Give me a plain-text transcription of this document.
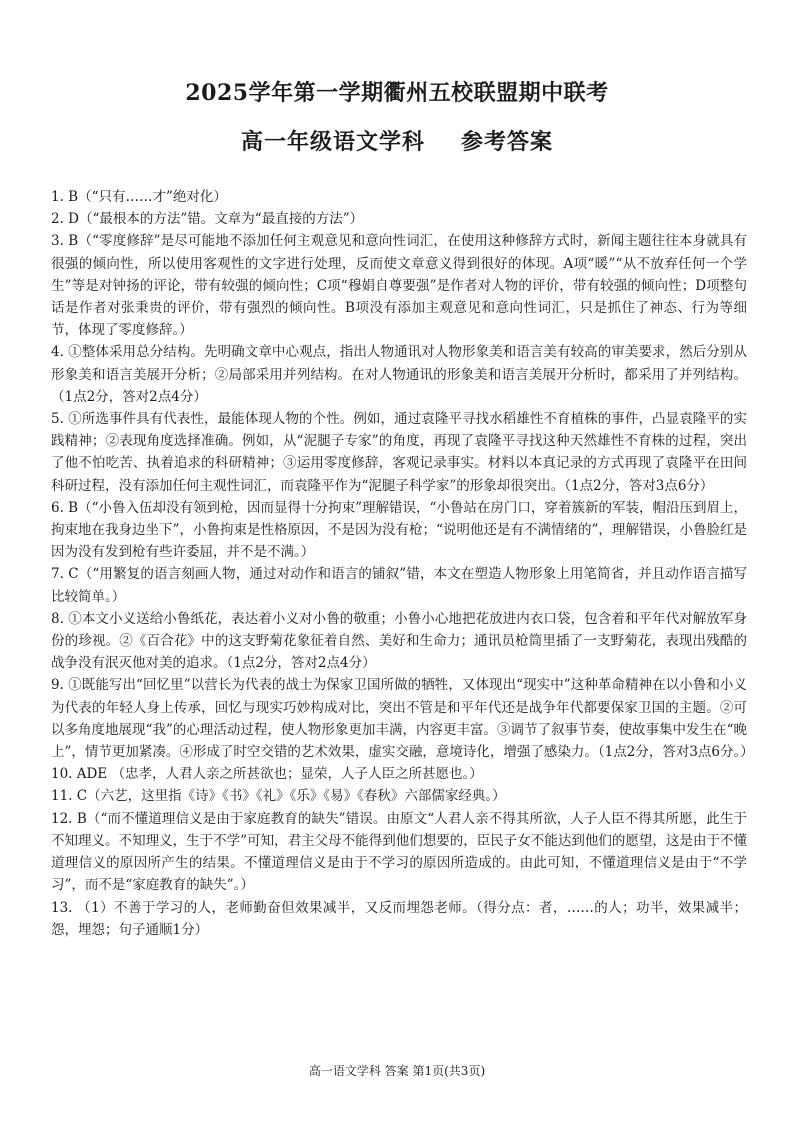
2025学年第一学期衢州五校联盟期中联考
高一年级语文学科 参考答案

1. B（“只有……才”绝对化）

2. D（“最根本的方法”错。文章为“最直接的方法”）

3. B（“零度修辞”是尽可能地不添加任何主观意见和意向性词汇，在使用这种修辞方式时，新闻主题往往本身就具有很强的倾向性，所以使用客观性的文字进行处理，反而使文章意义得到很好的体现。A项“暖”“从不放弃任何一个学生”等是对钟扬的评论，带有较强的倾向性；C项“穆娟自尊要强”是作者对人物的评价，带有较强的倾向性；D项整句话是作者对张秉贵的评价，带有强烈的倾向性。B项没有添加主观意见和意向性词汇，只是抓住了神态、行为等细节，体现了零度修辞。）

4. ①整体采用总分结构。先明确文章中心观点，指出人物通讯对人物形象美和语言美有较高的审美要求，然后分别从形象美和语言美展开分析；②局部采用并列结构。在对人物通讯的形象美和语言美展开分析时，都采用了并列结构。（1点2分，答对2点4分）

5. ①所选事件具有代表性，最能体现人物的个性。例如，通过袁隆平寻找水稻雄性不育植株的事件，凸显袁隆平的实践精神；②表现角度选择准确。例如，从“泥腿子专家”的角度，再现了袁隆平寻找这种天然雄性不育株的过程，突出了他不怕吃苦、执着追求的科研精神；③运用零度修辞，客观记录事实。材料以本真记录的方式再现了袁隆平在田间科研过程，没有添加任何主观性词汇，而袁隆平作为“泥腿子科学家”的形象却很突出。（1点2分，答对3点6分）

6. B（“小鲁入伍却没有领到枪，因而显得十分拘束”理解错误，“小鲁站在房门口，穿着簇新的军装，帽沿压到眉上，拘束地在我身边坐下”，小鲁拘束是性格原因，不是因为没有枪；“说明他还是有不满情绪的”，理解错误，小鲁脸红是因为没有发到枪有些许委屈，并不是不满。）

7. C（“用繁复的语言刻画人物，通过对动作和语言的铺叙”错，本文在塑造人物形象上用笔简省，并且动作语言描写比较简单。）

8. ①本文小义送给小鲁纸花，表达着小义对小鲁的敬重；小鲁小心地把花放进内衣口袋，包含着和平年代对解放军身份的珍视。②《百合花》中的这支野菊花象征着自然、美好和生命力；通讯员枪筒里插了一支野菊花，表现出残酷的战争没有泯灭他对美的追求。（1点2分，答对2点4分）

9. ①既能写出“回忆里”以营长为代表的战士为保家卫国所做的牺牲，又体现出“现实中”这种革命精神在以小鲁和小义为代表的年轻人身上传承，回忆与现实巧妙构成对比，突出不管是和平年代还是战争年代都要保家卫国的主题。②可以多角度地展现“我”的心理活动过程，使人物形象更加丰满，内容更丰富。③调节了叙事节奏，使故事集中发生在“晚上”，情节更加紧凑。④形成了时空交错的艺术效果，虚实交融，意境诗化，增强了感染力。（1点2分，答对3点6分。）

10. ADE （忠孝，人君人亲之所甚欲也；显荣，人子人臣之所甚愿也。）

11. C（六艺，这里指《诗》《书》《礼》《乐》《易》《春秋》六部儒家经典。）

12. B（“而不懂道理信义是由于家庭教育的缺失”错误。由原文“人君人亲不得其所欲，人子人臣不得其所愿，此生于不知理义。不知理义，生于不学”可知，君主父母不能得到他们想要的，臣民子女不能达到他们的愿望，这是由于不懂道理信义的原因所产生的结果。不懂道理信义是由于不学习的原因所造成的。由此可知，不懂道理信义是由于“不学习”，而不是“家庭教育的缺失”。）

13. （1）不善于学习的人，老师勤奋但效果减半，又反而埋怨老师。（得分点：者，……的人；功半，效果减半；怨，埋怨；句子通顺1分）

高一语文学科 答案 第1页(共3页)
